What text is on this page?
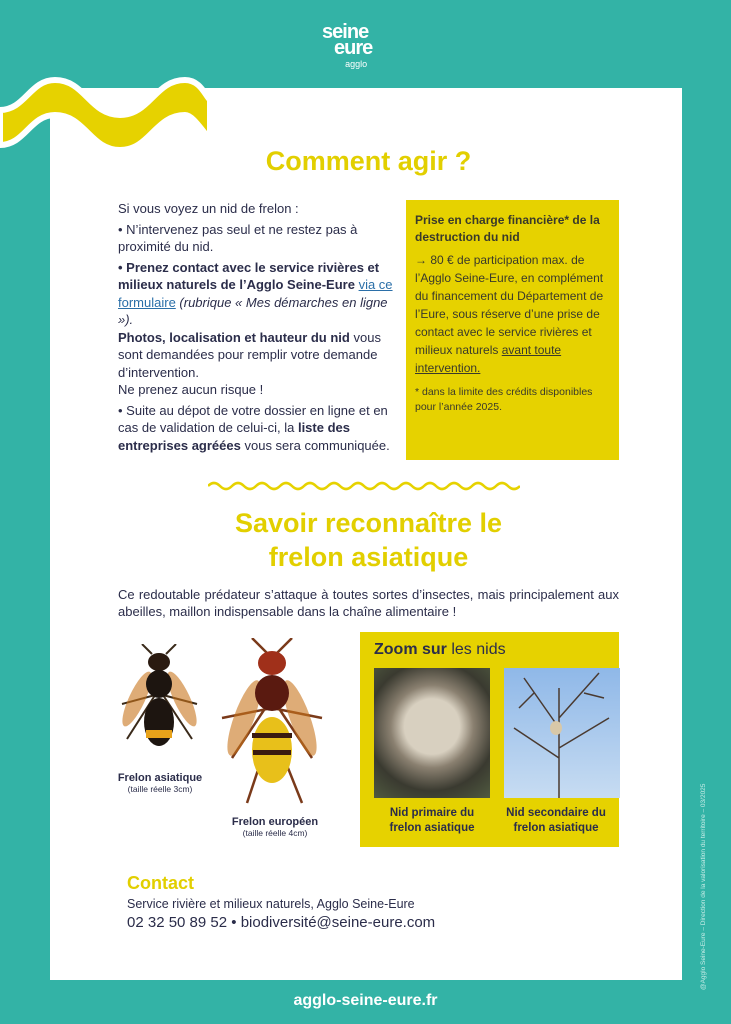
seine
eure
agglo
Comment agir ?

Si vous voyez un nid de frelon :

• N’intervenez pas seul et ne restez pas à proximité du nid.

• Prenez contact avec le service rivières et milieux naturels de l’Agglo Seine-Eure via ce formulaire (rubrique « Mes démarches en ligne »).
Photos, localisation et hauteur du nid vous sont demandées pour remplir votre demande d’intervention.
Ne prenez aucun risque !

• Suite au dépot de votre dossier en ligne et en cas de validation de celui-ci, la liste des entreprises agréées vous sera communiquée.

Prise en charge financière* de la destruction du nid
→ 80 € de participation max. de l’Agglo Seine-Eure, en complément du financement du Département de l’Eure, sous réserve d’une prise de contact avec le service rivières et milieux naturels avant toute intervention.
* dans la limite des crédits disponibles pour l’année 2025.
Savoir reconnaître le
frelon asiatique

Ce redoutable prédateur s’attaque à toutes sortes d’insectes, mais principalement aux abeilles, maillon indispensable dans la chaîne alimentaire !

Frelon asiatique
(taille réelle 3cm)
Frelon européen
(taille réelle 4cm)
Zoom sur les nids
Nid primaire du frelon asiatique
Nid secondaire du frelon asiatique
Contact
Service rivière et milieux naturels, Agglo Seine-Eure
02 32 50 89 52 • biodiversité@seine-eure.com
agglo-seine-eure.fr
@Agglo Seine-Eure – Direction de la valorisation du territoire – 03/2025
